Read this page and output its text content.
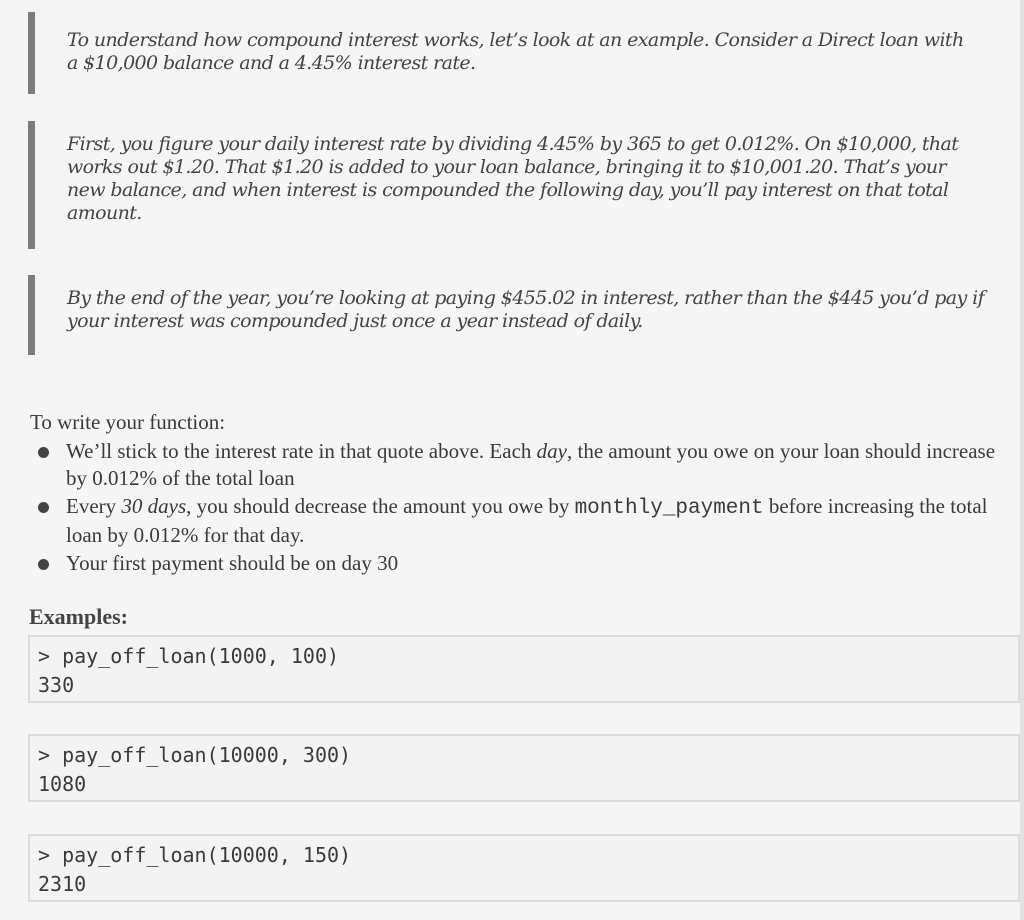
To understand how compound interest works, let’s look at an example. Consider a Direct loan with
a $10,000 balance and a 4.45% interest rate.
First, you figure your daily interest rate by dividing 4.45% by 365 to get 0.012%. On $10,000, that
works out $1.20. That $1.20 is added to your loan balance, bringing it to $10,001.20. That’s your
new balance, and when interest is compounded the following day, you’ll pay interest on that total
amount.
By the end of the year, you’re looking at paying $455.02 in interest, rather than the $445 you’d pay if
your interest was compounded just once a year instead of daily.
To write your function:
We’ll stick to the interest rate in that quote above. Each day, the amount you owe on your loan should increase by 0.012% of the total loan
Every 30 days, you should decrease the amount you owe by monthly_payment before increasing the total loan by 0.012% for that day.
Your first payment should be on day 30
Examples:
> pay_off_loan(1000, 100)
330
> pay_off_loan(10000, 300)
1080
> pay_off_loan(10000, 150)
2310
